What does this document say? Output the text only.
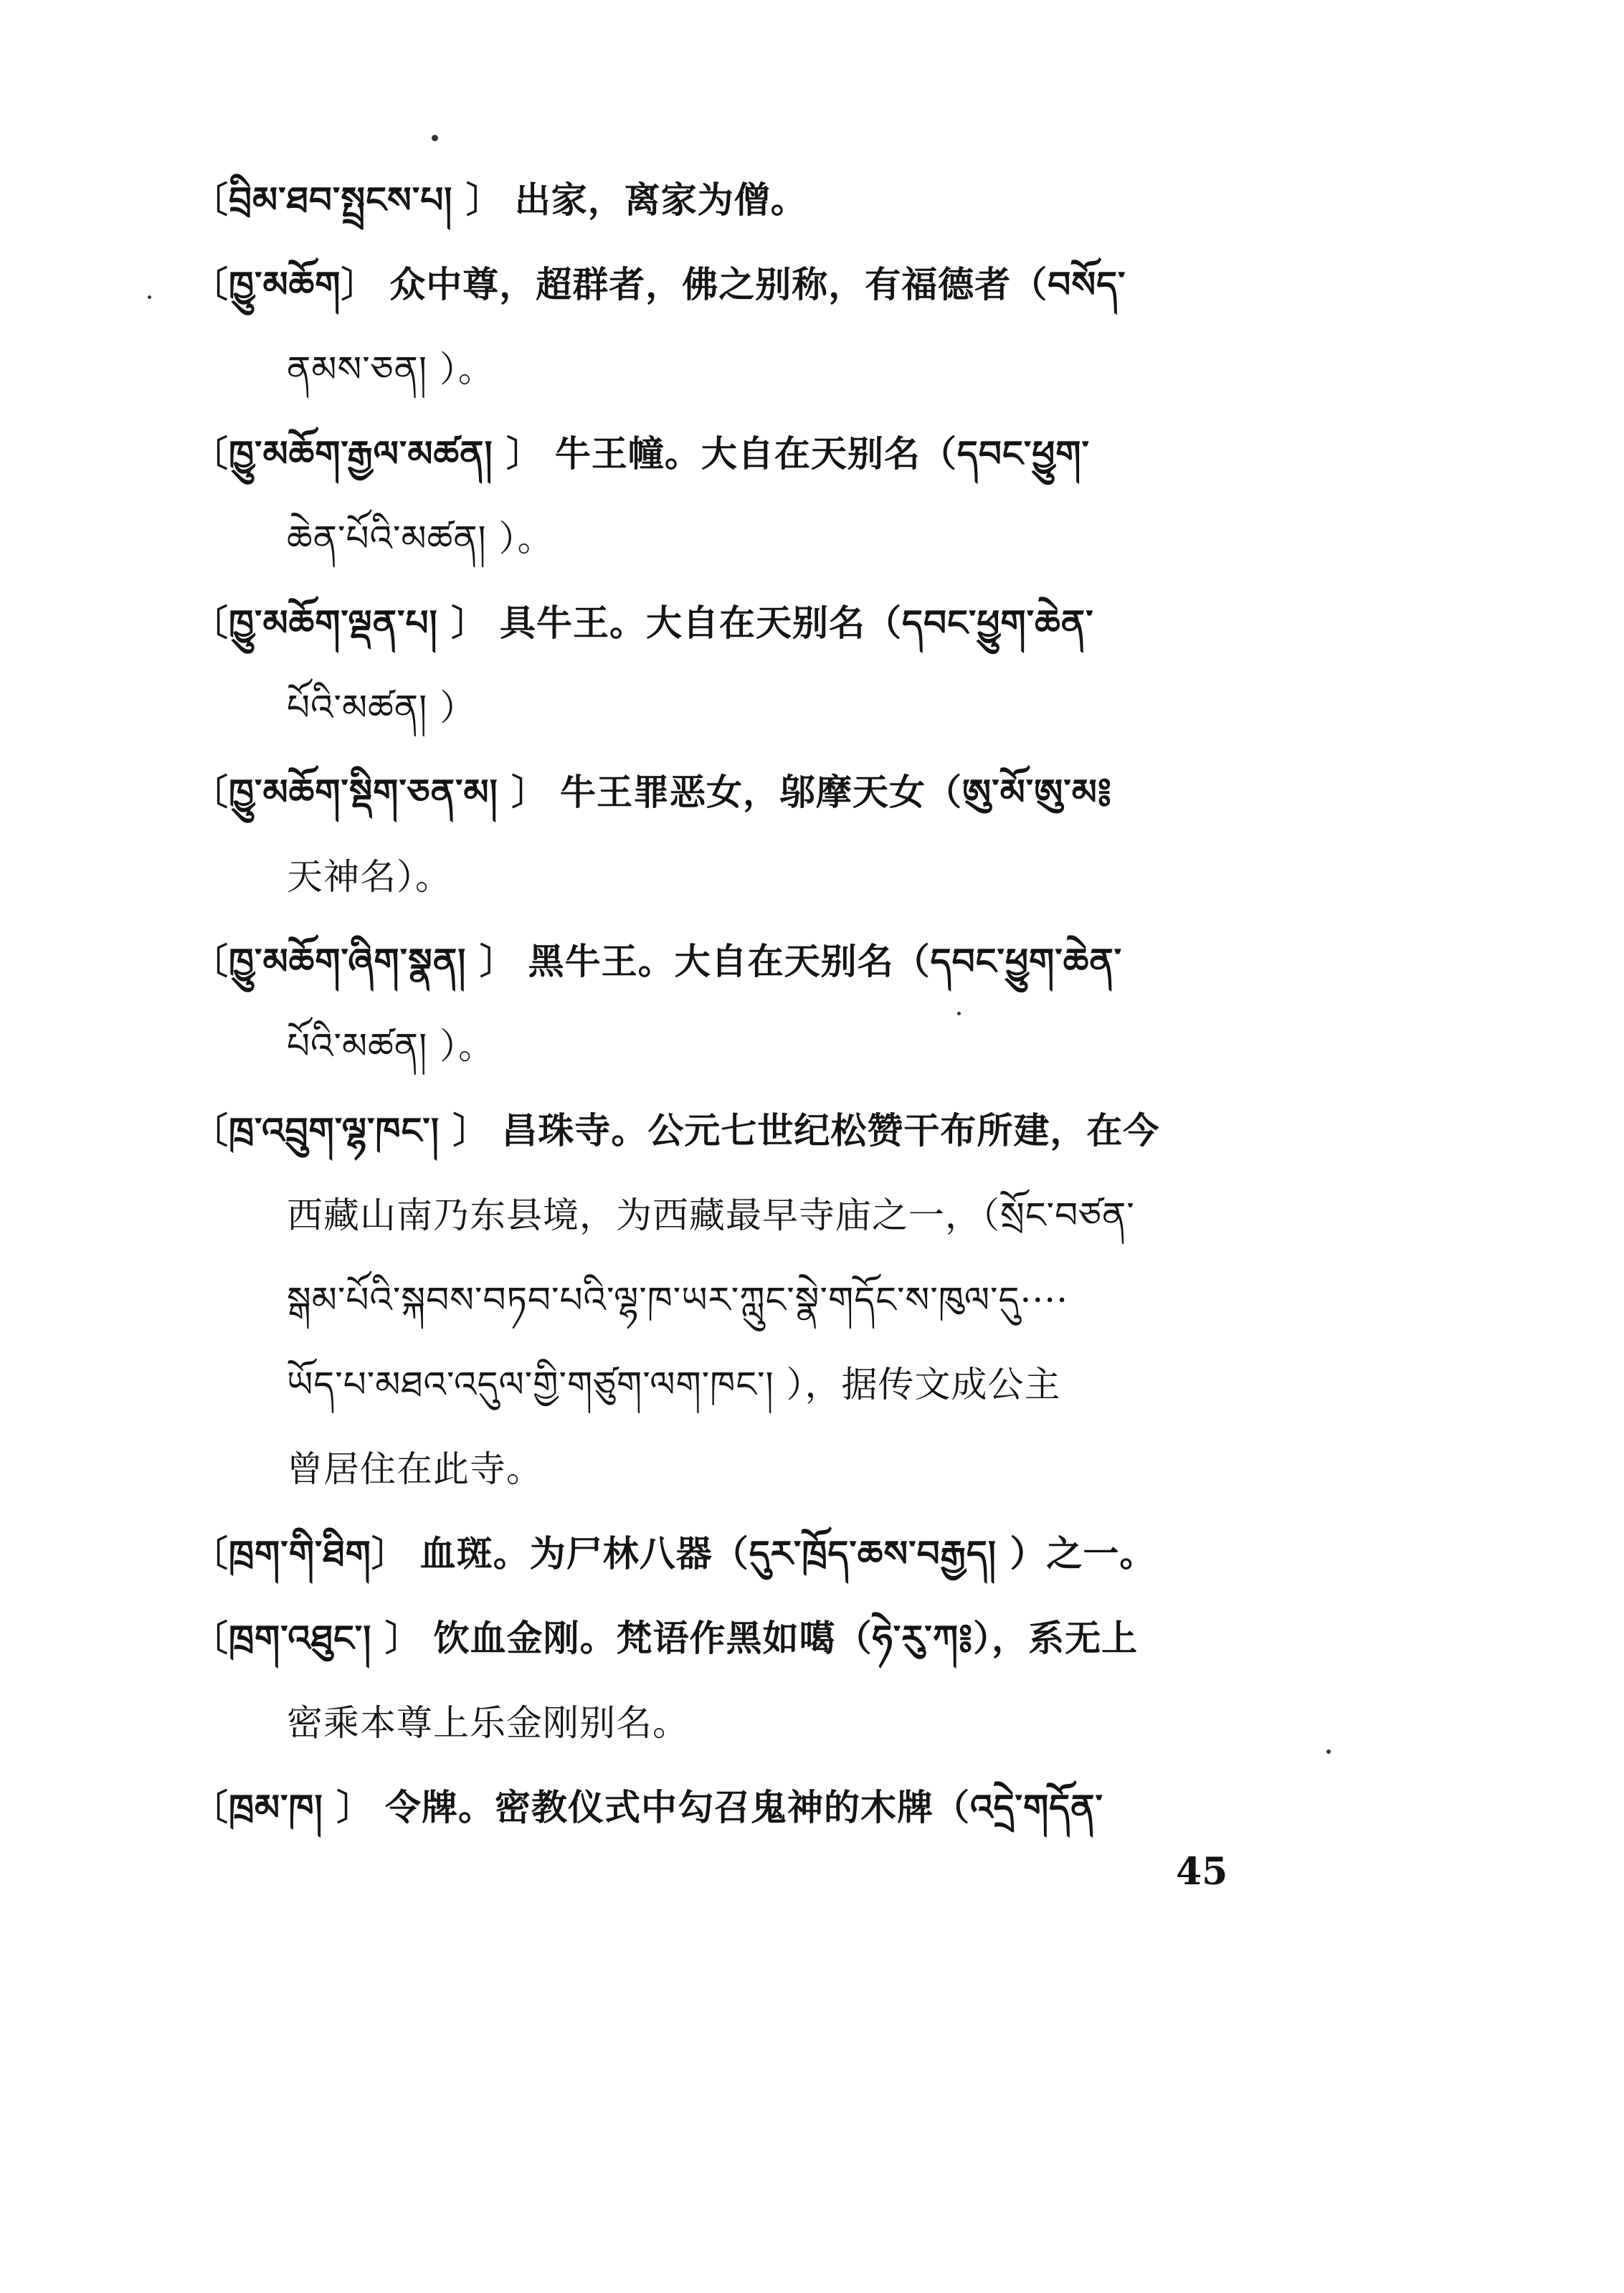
〔བྲིམ་ཐབ་སྤྲངས་པ། 〕 出家，离家为僧。
〔ཁྱུ་མཆོག〕 众中尊，超群者，佛之别称，有福德者（བསོད་
ནམས་ཅན། ）。
〔ཁྱུ་མཆོག་རྒྱལ་མཚན། 〕 牛王幢。大自在天别名（དབང་ཕྱུག་
ཆེན་པོའི་མཚན། ）。
〔ཁྱུ་མཆོག་ལྡན་པ། 〕 具牛王。大自在天别名（དབང་ཕྱུག་ཆེན་
པོའི་མཚན། ）
〔ཁྱུ་མཆོག་སྡིག་ཅན་མ། 〕 牛王罪恶女，邬摩天女（ཨུ་མོ་ཨུ་མ༔
天神名）。
〔ཁྱུ་མཆོག་ཞིག་སྣན། 〕 黑牛王。大自在天别名（དབང་ཕྱུག་ཆེན་
པོའི་མཚན། ）。
〔ཁྲ་འབྲུག་ལྷ་ཁང་། 〕 昌珠寺。公元七世纪松赞干布所建，在今
西藏山南乃东县境，为西藏最早寺庙之一，（སྲོང་བཙན་
སྒམ་པོའི་སྐབས་བཏབ་པའི་ལྷ་ཁ་ཡར་ཀླུང་སྣེ་གདོང་ས་ཁུལ་དུ····
ཡོད་པ་མཐའ་འདུལ་གྱི་གཙུག་ལག་ཁང་། ），据传文成公主
曾居住在此寺。
〔ཁྲག་གི་ཐིག〕 血斑。为尸林八器（དུར་ཁྲོད་ཆས་བརྒྱད། ）之一。
〔ཁྲག་འཐུང་། 〕 饮血金刚。梵语作黑如噶（ཧེ་རུ་ཀ༔），系无上
密乘本尊上乐金刚别名。
〔ཁྲམ་ཁ། 〕 令牌。密教仪式中勾召鬼神的木牌（འདྲེ་གདོན་
45
